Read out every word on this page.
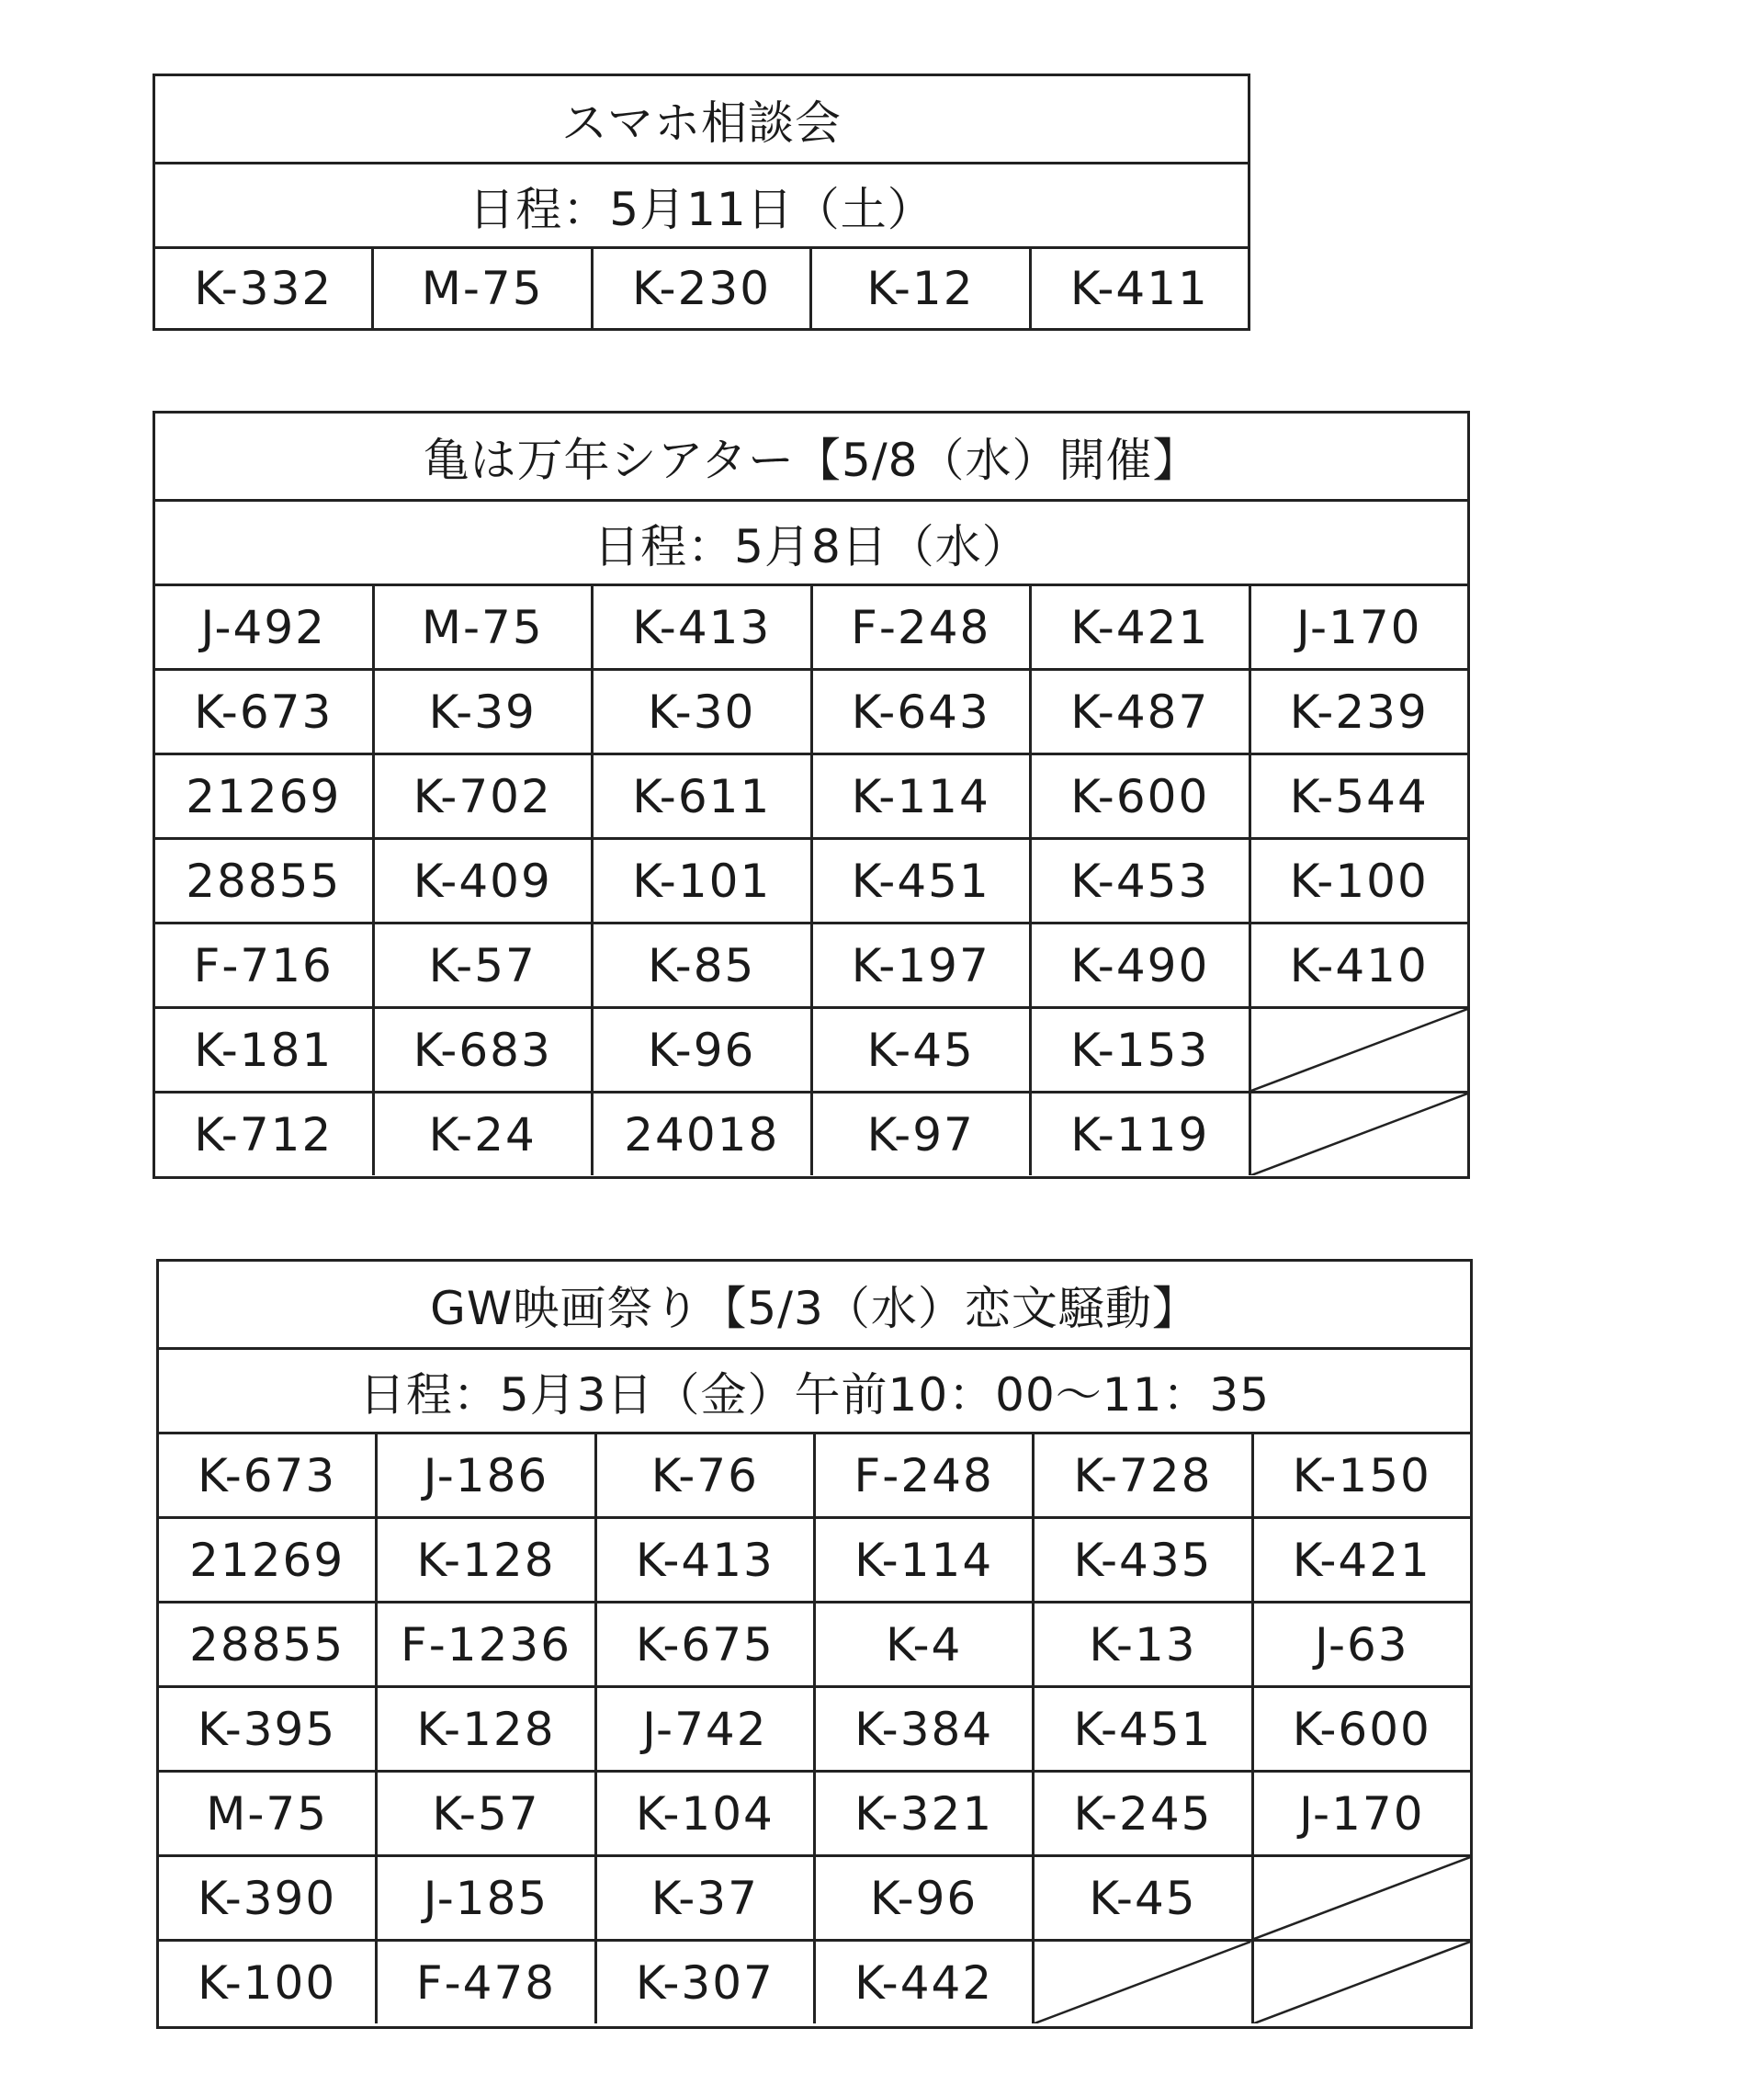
スマホ相談会
日程：5月11日（土）
K-332	M-75	K-230	K-12	K-411
亀は万年シアター【5/8（水）開催】
日程：5月8日（水）
J-492	M-75	K-413	F-248	K-421	J-170
K-673	K-39	K-30	K-643	K-487	K-239
21269	K-702	K-611	K-114	K-600	K-544
28855	K-409	K-101	K-451	K-453	K-100
F-716	K-57	K-85	K-197	K-490	K-410
K-181	K-683	K-96	K-45	K-153
K-712	K-24	24018	K-97	K-119
GW映画祭り【5/3（水）恋文騒動】
日程：5月3日（金）午前10：00～11：35
K-673	J-186	K-76	F-248	K-728	K-150
21269	K-128	K-413	K-114	K-435	K-421
28855	F-1236	K-675	K-4	K-13	J-63
K-395	K-128	J-742	K-384	K-451	K-600
M-75	K-57	K-104	K-321	K-245	J-170
K-390	J-185	K-37	K-96	K-45
K-100	F-478	K-307	K-442
